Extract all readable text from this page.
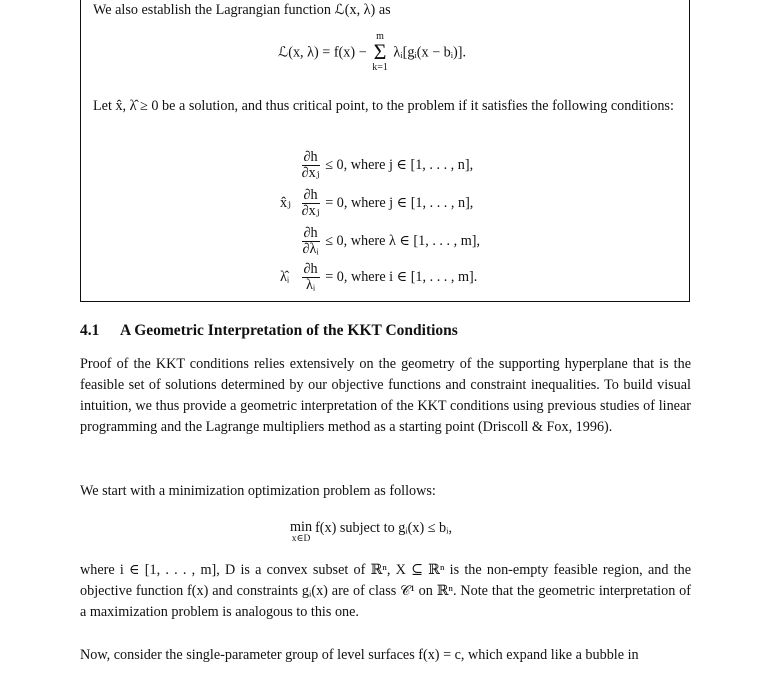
We also establish the Lagrangian function ℒ(x, λ) as
ℒ(x, λ) = f(x) −
m
Σ
k=1
λᵢ[gᵢ(x − bᵢ)].
Let x̂, λ̂ ≥ 0 be a solution, and thus critical point, to the problem if it satisfies the following conditions:

$\frac{\partial h}{\text{∂xⱼ}} \le 0$, where j ∈ [1, . . . , n],
x̂ⱼ $\frac{\partial h}{\text{∂xⱼ}} = 0$, where j ∈ [1, . . . , n],

$\frac{\partial h}{\text{∂λᵢ}} \le 0$, where λ ∈ [1, . . . , m],
λ̂ᵢ $\frac{\partial h}{\text{λᵢ}} = 0$, where i ∈ [1, . . . , m].
4.1 A Geometric Interpretation of the KKT Conditions
Proof of the KKT conditions relies extensively on the geometry of the supporting hyperplane that is the feasible set of solutions determined by our objective functions and constraint inequalities. To build visual intuition, we thus provide a geometric interpretation of the KKT conditions using previous studies of linear programming and the Lagrange multipliers method as a starting point (Driscoll & Fox, 1996).
We start with a minimization optimization problem as follows:
min
x∈D
f(x) subject to gᵢ(x) ≤ bᵢ,
where i ∈ [1, . . . , m], D is a convex subset of ℝⁿ, X ⊆ ℝⁿ is the non-empty feasible region, and the objective function f(x) and constraints gᵢ(x) are of class 𝒞¹ on ℝⁿ. Note that the geometric interpretation of a maximization problem is analogous to this one.
Now, consider the single-parameter group of level surfaces f(x) = c, which expand like a bubble in
